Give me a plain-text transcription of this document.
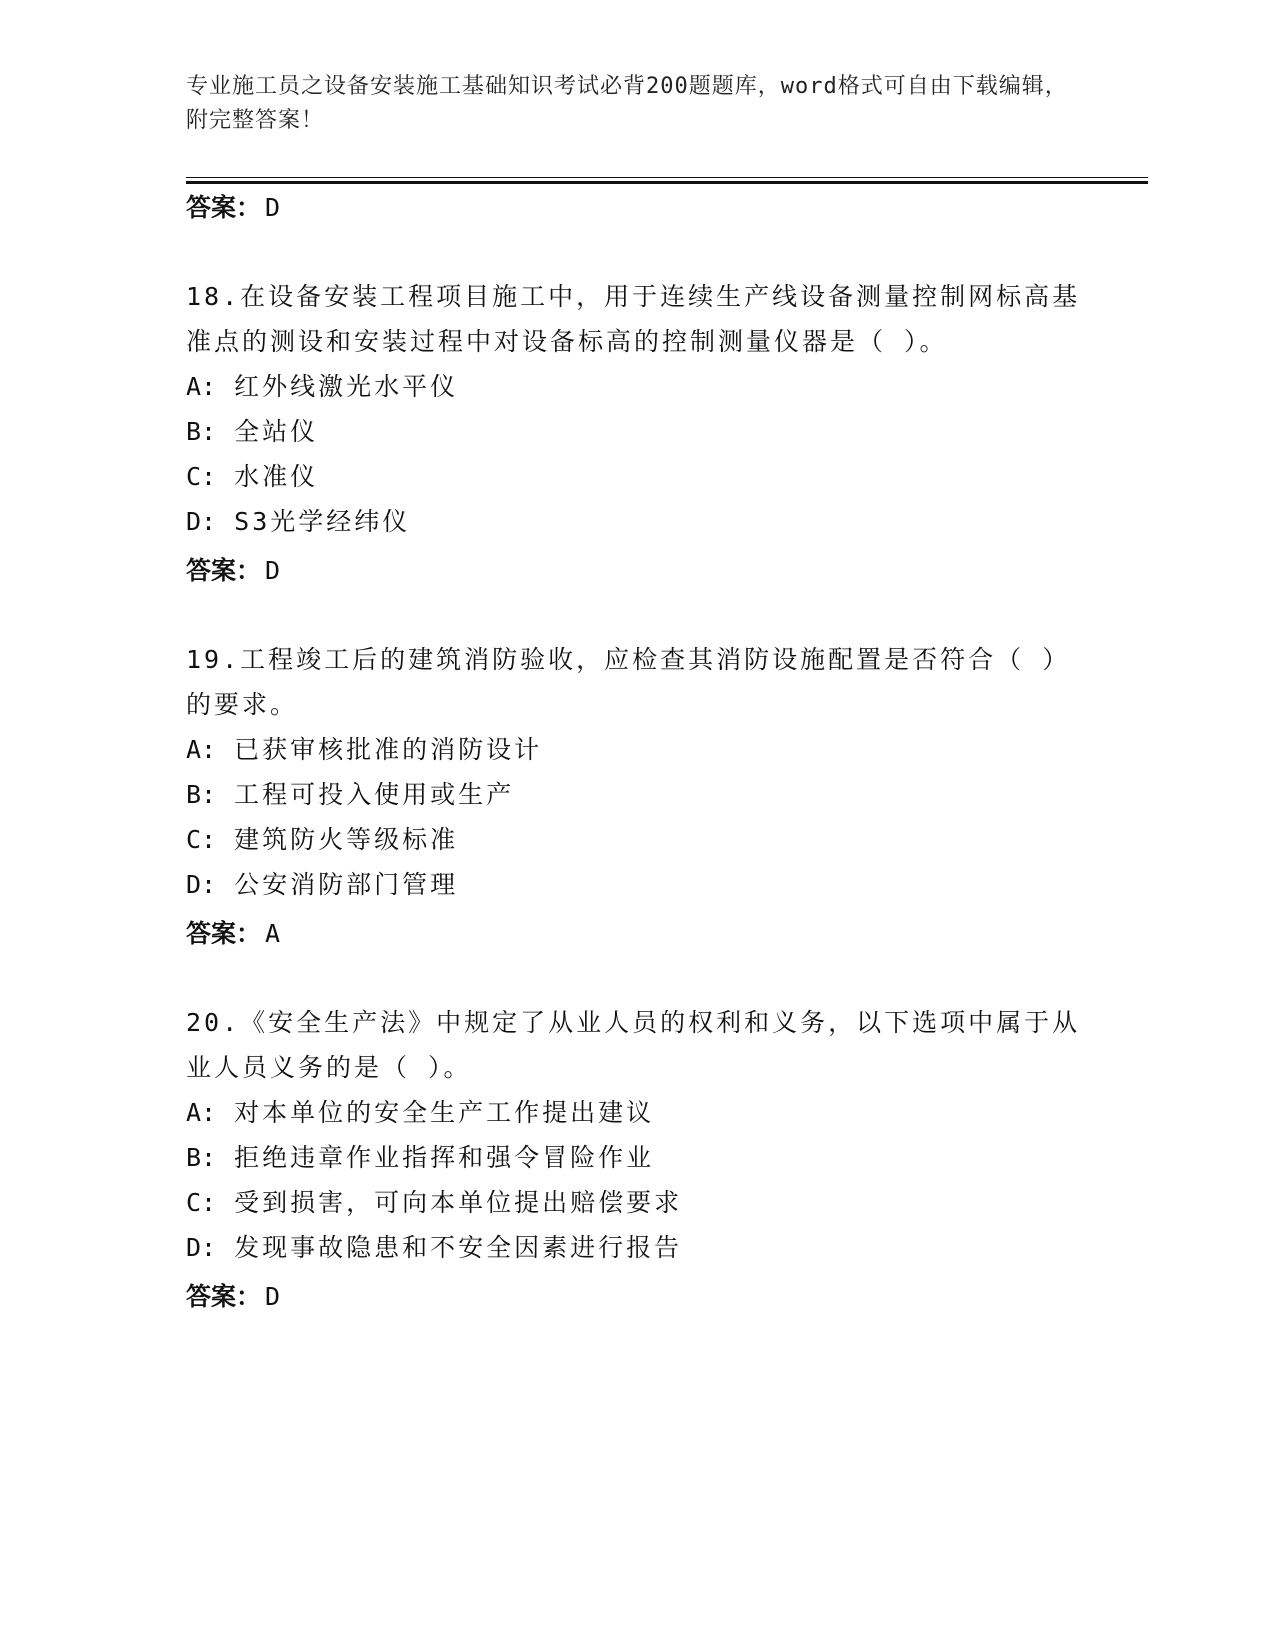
专业施工员之设备安装施工基础知识考试必背200题题库，word格式可自由下载编辑，附完整答案！
答案： D
18.在设备安装工程项目施工中，用于连续生产线设备测量控制网标高基准点的测设和安装过程中对设备标高的控制测量仪器是（ ）。
A: 红外线激光水平仪
B: 全站仪
C: 水准仪
D: S3光学经纬仪
答案： D
19.工程竣工后的建筑消防验收，应检查其消防设施配置是否符合（ ）的要求。
A: 已获审核批准的消防设计
B: 工程可投入使用或生产
C: 建筑防火等级标准
D: 公安消防部门管理
答案： A
20.《安全生产法》中规定了从业人员的权利和义务，以下选项中属于从业人员义务的是（ ）。
A: 对本单位的安全生产工作提出建议
B: 拒绝违章作业指挥和强令冒险作业
C: 受到损害，可向本单位提出赔偿要求
D: 发现事故隐患和不安全因素进行报告
答案： D
